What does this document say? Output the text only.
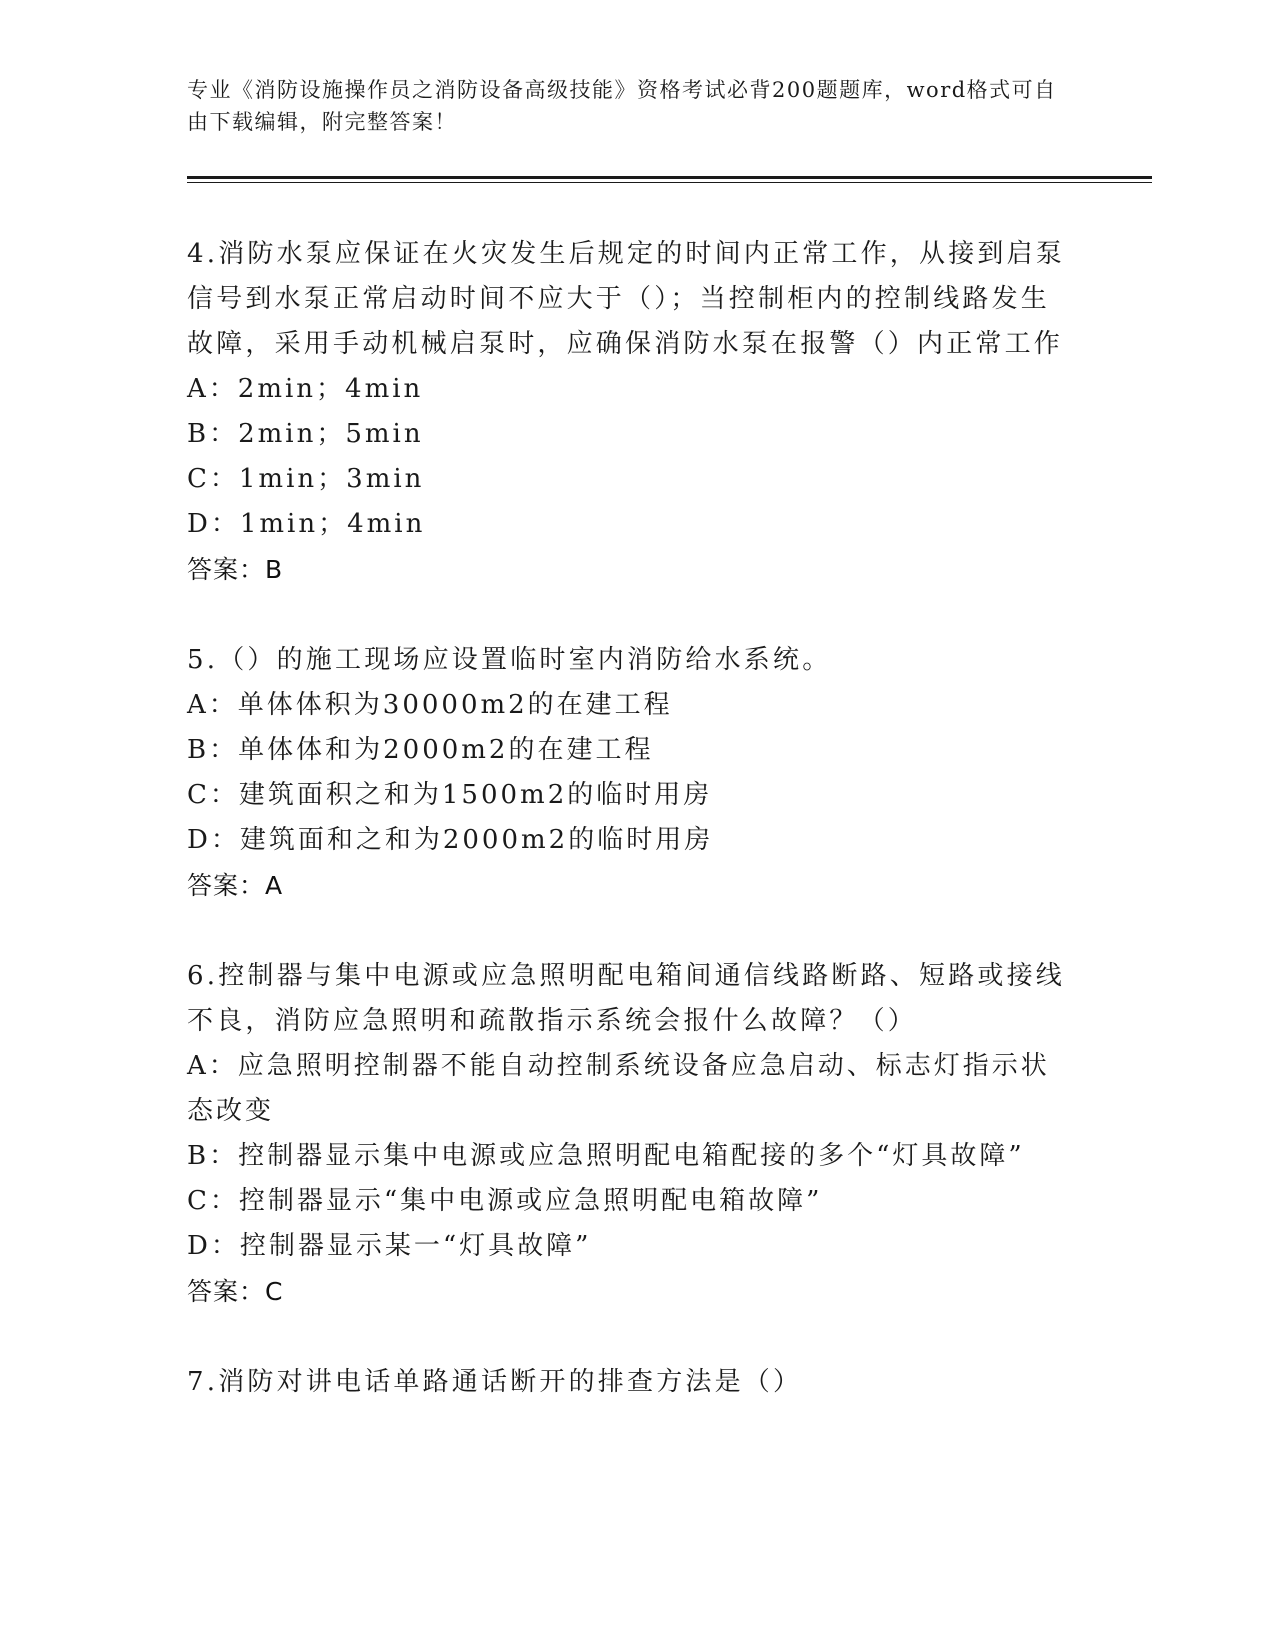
专业《消防设施操作员之消防设备高级技能》资格考试必背200题题库，word格式可自由下载编辑，附完整答案！
4.消防水泵应保证在火灾发生后规定的时间内正常工作，从接到启泵信号到水泵正常启动时间不应大于（）；当控制柜内的控制线路发生故障，采用手动机械启泵时，应确保消防水泵在报警（）内正常工作
A：2min；4min
B：2min；5min
C：1min；3min
D：1min；4min
答案：B
5.（）的施工现场应设置临时室内消防给水系统。
A：单体体积为30000m2的在建工程
B：单体体和为2000m2的在建工程
C：建筑面积之和为1500m2的临时用房
D：建筑面和之和为2000m2的临时用房
答案：A
6.控制器与集中电源或应急照明配电箱间通信线路断路、短路或接线不良，消防应急照明和疏散指示系统会报什么故障？（）
A：应急照明控制器不能自动控制系统设备应急启动、标志灯指示状态改变
B：控制器显示集中电源或应急照明配电箱配接的多个“灯具故障”
C：控制器显示“集中电源或应急照明配电箱故障”
D：控制器显示某一“灯具故障”
答案：C
7.消防对讲电话单路通话断开的排查方法是（）
